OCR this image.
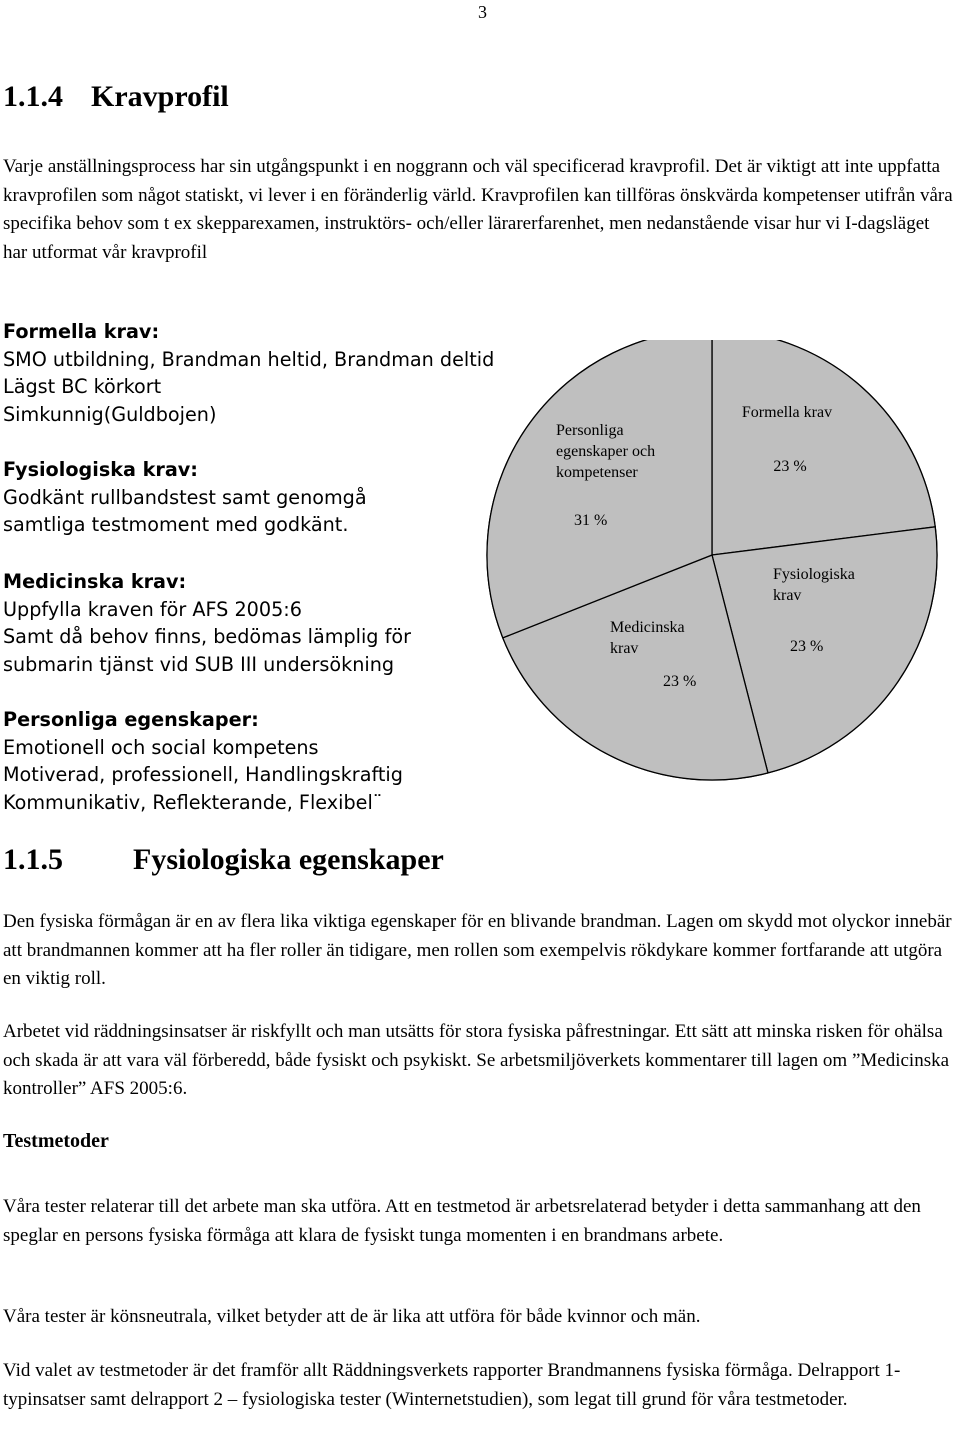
3
1.1.4 Kravprofil

Varje anställningsprocess har sin utgångspunkt i en noggrann och väl specificerad kravprofil. Det är viktigt att inte uppfatta kravprofilen som något statiskt, vi lever i en föränderlig värld. Kravprofilen kan tillföras önskvärda kompetenser utifrån våra specifika behov som t ex skepparexamen, instruktörs- och/eller lärarerfarenhet, men nedanstående visar hur vi I-dagsläget har utformat vår kravprofil

Formella krav:
SMO utbildning, Brandman heltid, Brandman deltid
Lägst BC körkort
Simkunnig(Guldbojen)
Fysiologiska krav:
Godkänt rullbandstest samt genomgå
samtliga testmoment med godkänt.
Medicinska krav:
Uppfylla kraven för AFS 2005:6
Samt då behov finns, bedömas lämplig för
submarin tjänst vid SUB III undersökning
Personliga egenskaper:
Emotionell och social kompetens
Motiverad, professionell, Handlingskraftig
Kommunikativ, Reflekterande, Flexibel¨
Formella krav
23 %
Fysiologiska
krav
23 %
Medicinska
krav
23 %
Personliga
egenskaper och
kompetenser
31 %
1.1.5 Fysiologiska egenskaper

Den fysiska förmågan är en av flera lika viktiga egenskaper för en blivande brandman. Lagen om skydd mot olyckor innebär att brandmannen kommer att ha fler roller än tidigare, men rollen som exempelvis rökdykare kommer fortfarande att utgöra en viktig roll.

Arbetet vid räddningsinsatser är riskfyllt och man utsätts för stora fysiska påfrestningar. Ett sätt att minska risken för ohälsa och skada är att vara väl förberedd, både fysiskt och psykiskt. Se arbetsmiljöverkets kommentarer till lagen om ”Medicinska kontroller” AFS 2005:6.

Testmetoder

Våra tester relaterar till det arbete man ska utföra. Att en testmetod är arbetsrelaterad betyder i detta sammanhang att den speglar en persons fysiska förmåga att klara de fysiskt tunga momenten i en brandmans arbete.

Våra tester är könsneutrala, vilket betyder att de är lika att utföra för både kvinnor och män.

Vid valet av testmetoder är det framför allt Räddningsverkets rapporter Brandmannens fysiska förmåga. Delrapport 1-typinsatser samt delrapport 2 – fysiologiska tester (Winternetstudien), som legat till grund för våra testmetoder.
